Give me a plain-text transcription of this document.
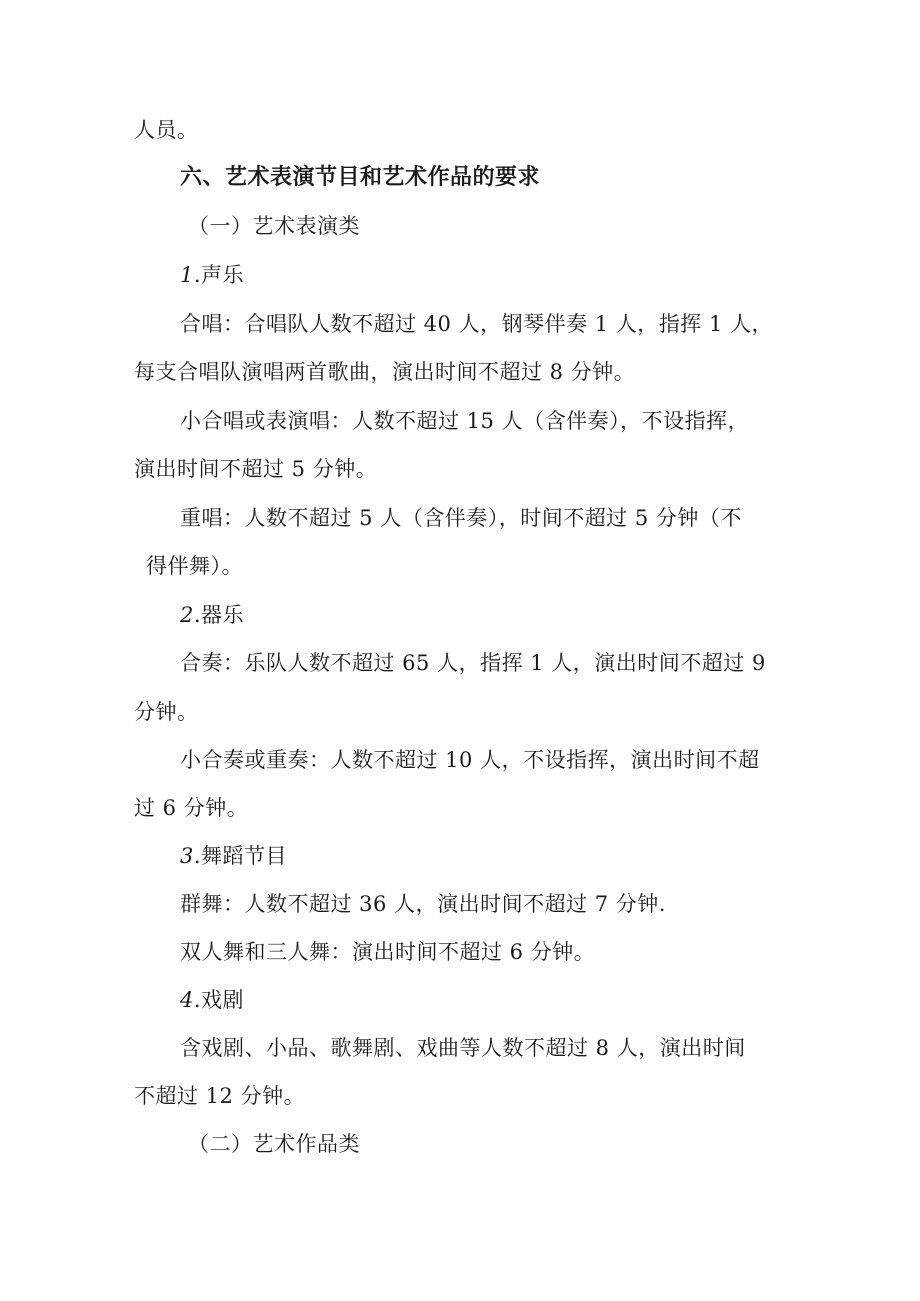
人员。
六、艺术表演节目和艺术作品的要求
（一）艺术表演类
1.声乐
合唱：合唱队人数不超过 40 人，钢琴伴奏 1 人，指挥 1 人，
每支合唱队演唱两首歌曲，演出时间不超过 8 分钟。
小合唱或表演唱：人数不超过 15 人（含伴奏），不设指挥，
演出时间不超过 5 分钟。
重唱：人数不超过 5 人（含伴奏），时间不超过 5 分钟（不
得伴舞）。
2.器乐
合奏：乐队人数不超过 65 人，指挥 1 人，演出时间不超过 9
分钟。
小合奏或重奏：人数不超过 10 人，不设指挥，演出时间不超
过 6 分钟。
3.舞蹈节目
群舞：人数不超过 36 人，演出时间不超过 7 分钟.
双人舞和三人舞：演出时间不超过 6 分钟。
4.戏剧
含戏剧、小品、歌舞剧、戏曲等人数不超过 8 人，演出时间
不超过 12 分钟。
（二）艺术作品类
